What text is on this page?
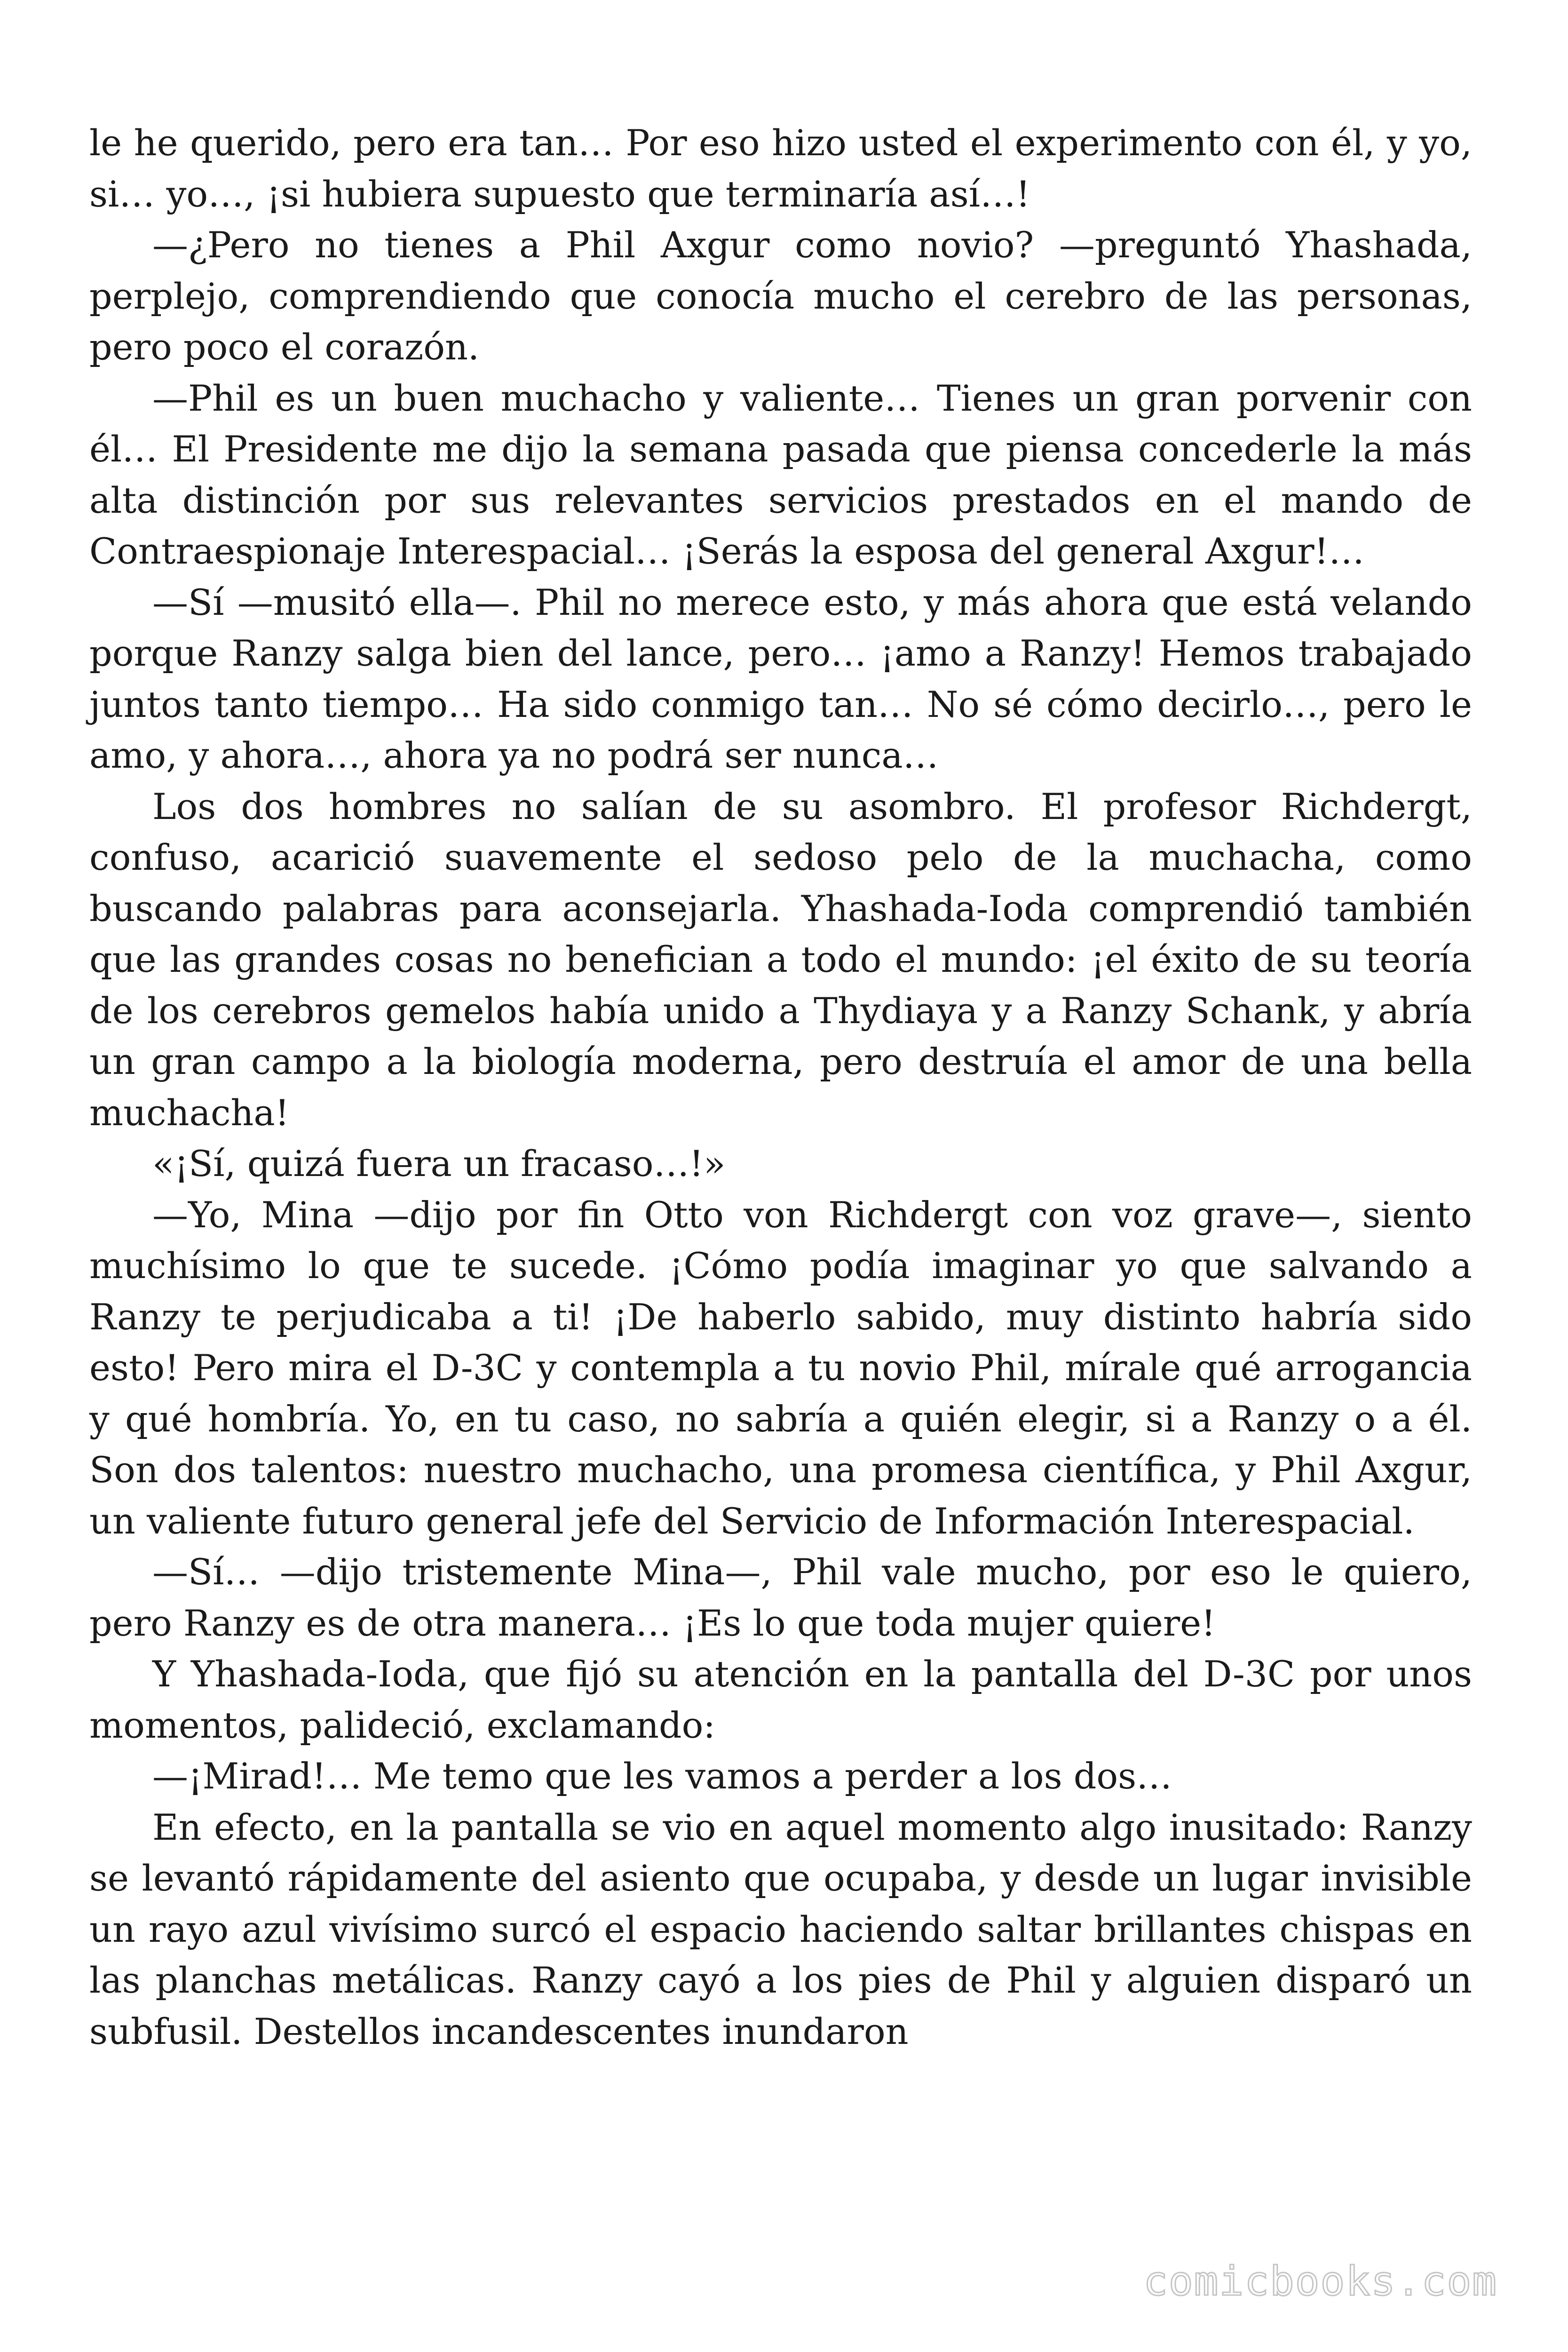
le he querido, pero era tan… Por eso hizo usted el experimento con él, y yo, si… yo…, ¡si hubiera supuesto que terminaría así…!

—¿Pero no tienes a Phil Axgur como novio? —preguntó Yhashada, perplejo, comprendiendo que conocía mucho el cerebro de las personas, pero poco el corazón.

—Phil es un buen muchacho y valiente… Tienes un gran porvenir con él… El Presidente me dijo la semana pasada que piensa concederle la más alta distinción por sus relevantes servicios prestados en el mando de Contraespionaje Interespacial… ¡Serás la esposa del general Axgur!…

—Sí —musitó ella—. Phil no merece esto, y más ahora que está velando porque Ranzy salga bien del lance, pero… ¡amo a Ranzy! Hemos trabajado juntos tanto tiempo… Ha sido conmigo tan… No sé cómo decirlo…, pero le amo, y ahora…, ahora ya no podrá ser nunca…

Los dos hombres no salían de su asombro. El profesor Richdergt, confuso, acarició suavemente el sedoso pelo de la muchacha, como buscando palabras para aconsejarla. Yhashada-Ioda comprendió también que las grandes cosas no benefician a todo el mundo: ¡el éxito de su teoría de los cerebros gemelos había unido a Thydiaya y a Ranzy Schank, y abría un gran campo a la biología moderna, pero destruía el amor de una bella muchacha!

«¡Sí, quizá fuera un fracaso…!»

—Yo, Mina —dijo por fin Otto von Richdergt con voz grave—, siento muchísimo lo que te sucede. ¡Cómo podía imaginar yo que salvando a Ranzy te perjudicaba a ti! ¡De haberlo sabido, muy distinto habría sido esto! Pero mira el D-3C y contempla a tu novio Phil, mírale qué arrogancia y qué hombría. Yo, en tu caso, no sabría a quién elegir, si a Ranzy o a él. Son dos talentos: nuestro muchacho, una promesa científica, y Phil Axgur, un valiente futuro general jefe del Servicio de Información Interespacial.

—Sí… —dijo tristemente Mina—, Phil vale mucho, por eso le quiero, pero Ranzy es de otra manera… ¡Es lo que toda mujer quiere!

Y Yhashada-Ioda, que fijó su atención en la pantalla del D-3C por unos momentos, palideció, exclamando:

—¡Mirad!… Me temo que les vamos a perder a los dos…

En efecto, en la pantalla se vio en aquel momento algo inusitado: Ranzy se levantó rápidamente del asiento que ocupaba, y desde un lugar invisible un rayo azul vivísimo surcó el espacio haciendo saltar brillantes chispas en las planchas metálicas. Ranzy cayó a los pies de Phil y alguien disparó un subfusil. Destellos incandescentes inundaron

comicbooks.com
